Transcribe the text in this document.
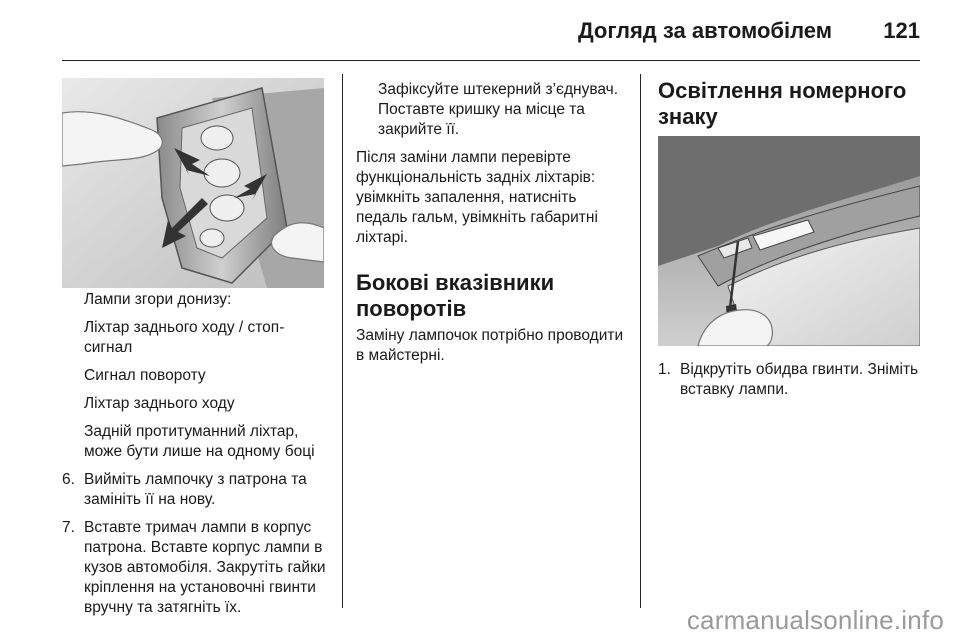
Догляд за автомобілем 121
Лампи згори донизу:
Ліхтар заднього ходу / стоп-сигнал
Сигнал повороту
Ліхтар заднього ходу
Задній протитуманний ліхтар, може бути лише на одному боці
6. Вийміть лампочку з патрона та замініть її на нову.
7. Вставте тримач лампи в корпус патрона. Вставте корпус лампи в кузов автомобіля. Закрутіть гайки кріплення на установочні гвинти вручну та затягніть їх.
Зафіксуйте штекерний з’єднувач. Поставте кришку на місце та закрийте її.
Після заміни лампи перевірте функціональність задніх ліхтарів: увімкніть запалення, натисніть педаль гальм, увімкніть габаритні ліхтарі.
Бокові вказівники поворотів
Заміну лампочок потрібно проводити в майстерні.
Освітлення номерного знаку
1. Відкрутіть обидва гвинти. Зніміть вставку лампи.
carmanualsonline.info
